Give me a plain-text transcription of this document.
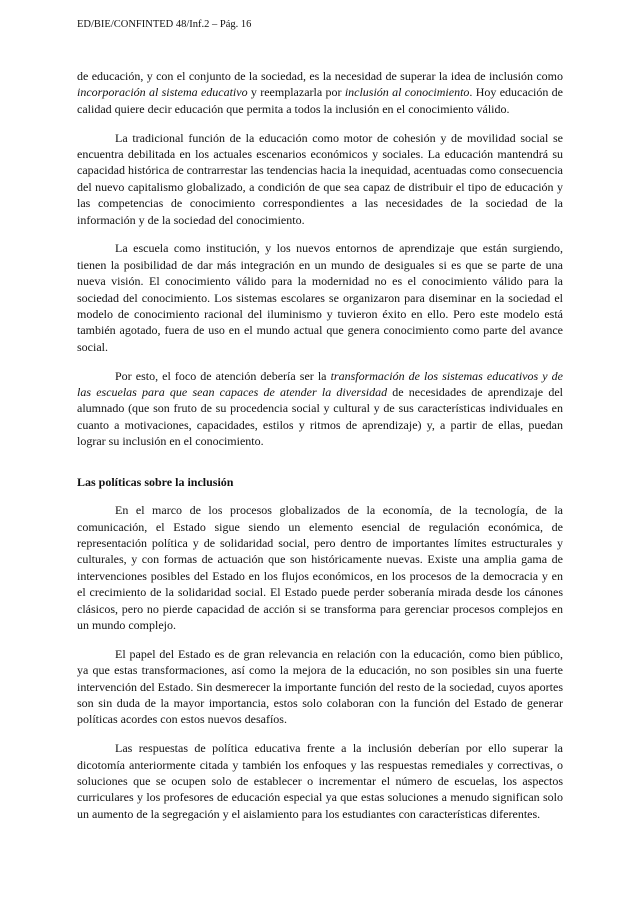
ED/BIE/CONFINTED 48/Inf.2 – Pág. 16

de educación, y con el conjunto de la sociedad, es la necesidad de superar la idea de inclusión como incorporación al sistema educativo y reemplazarla por inclusión al conocimiento. Hoy educación de calidad quiere decir educación que permita a todos la inclusión en el conocimiento válido.

La tradicional función de la educación como motor de cohesión y de movilidad social se encuentra debilitada en los actuales escenarios económicos y sociales. La educación mantendrá su capacidad histórica de contrarrestar las tendencias hacia la inequidad, acentuadas como consecuencia del nuevo capitalismo globalizado, a condición de que sea capaz de distribuir el tipo de educación y las competencias de conocimiento correspondientes a las necesidades de la sociedad de la información y de la sociedad del conocimiento.

La escuela como institución, y los nuevos entornos de aprendizaje que están surgiendo, tienen la posibilidad de dar más integración en un mundo de desiguales si es que se parte de una nueva visión. El conocimiento válido para la modernidad no es el conocimiento válido para la sociedad del conocimiento. Los sistemas escolares se organizaron para diseminar en la sociedad el modelo de conocimiento racional del iluminismo y tuvieron éxito en ello. Pero este modelo está también agotado, fuera de uso en el mundo actual que genera conocimiento como parte del avance social.

Por esto, el foco de atención debería ser la transformación de los sistemas educativos y de las escuelas para que sean capaces de atender la diversidad de necesidades de aprendizaje del alumnado (que son fruto de su procedencia social y cultural y de sus características individuales en cuanto a motivaciones, capacidades, estilos y ritmos de aprendizaje) y, a partir de ellas, puedan lograr su inclusión en el conocimiento.

Las políticas sobre la inclusión

En el marco de los procesos globalizados de la economía, de la tecnología, de la comunicación, el Estado sigue siendo un elemento esencial de regulación económica, de representación política y de solidaridad social, pero dentro de importantes límites estructurales y culturales, y con formas de actuación que son históricamente nuevas. Existe una amplia gama de intervenciones posibles del Estado en los flujos económicos, en los procesos de la democracia y en el crecimiento de la solidaridad social. El Estado puede perder soberanía mirada desde los cánones clásicos, pero no pierde capacidad de acción si se transforma para gerenciar procesos complejos en un mundo complejo.

El papel del Estado es de gran relevancia en relación con la educación, como bien público, ya que estas transformaciones, así como la mejora de la educación, no son posibles sin una fuerte intervención del Estado. Sin desmerecer la importante función del resto de la sociedad, cuyos aportes son sin duda de la mayor importancia, estos solo colaboran con la función del Estado de generar políticas acordes con estos nuevos desafíos.

Las respuestas de política educativa frente a la inclusión deberían por ello superar la dicotomía anteriormente citada y también los enfoques y las respuestas remediales y correctivas, o soluciones que se ocupen solo de establecer o incrementar el número de escuelas, los aspectos curriculares y los profesores de educación especial ya que estas soluciones a menudo significan solo un aumento de la segregación y el aislamiento para los estudiantes con características diferentes.
